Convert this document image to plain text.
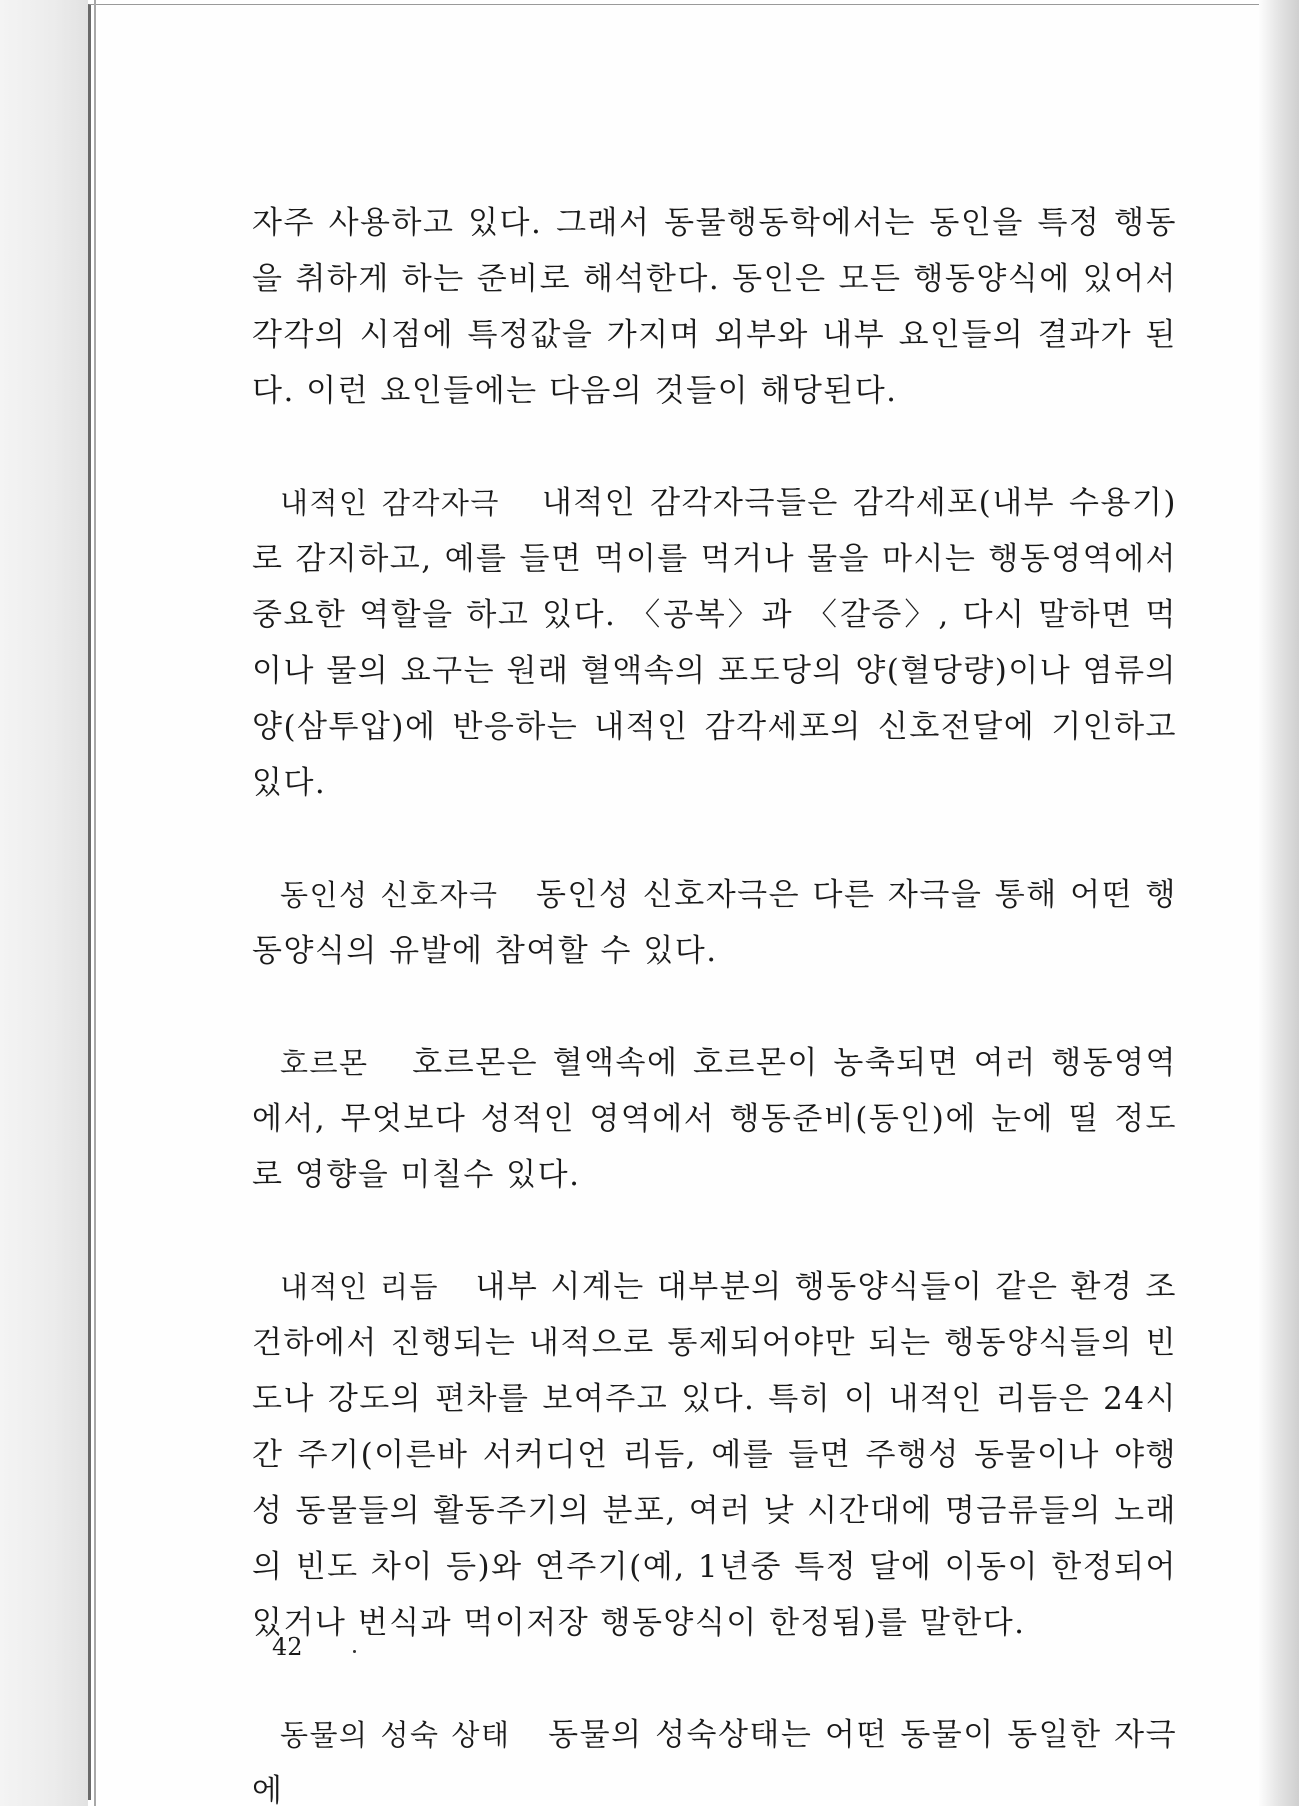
자주 사용하고 있다. 그래서 동물행동학에서는 동인을 특정 행동을 취하게 하는 준비로 해석한다. 동인은 모든 행동양식에 있어서 각각의 시점에 특정값을 가지며 외부와 내부 요인들의 결과가 된다. 이런 요인들에는 다음의 것들이 해당된다.

내적인 감각자극 내적인 감각자극들은 감각세포(내부 수용기)로 감지하고, 예를 들면 먹이를 먹거나 물을 마시는 행동영역에서 중요한 역할을 하고 있다. 〈공복〉과 〈갈증〉, 다시 말하면 먹이나 물의 요구는 원래 혈액속의 포도당의 양(혈당량)이나 염류의 양(삼투압)에 반응하는 내적인 감각세포의 신호전달에 기인하고 있다.

동인성 신호자극 동인성 신호자극은 다른 자극을 통해 어떤 행동양식의 유발에 참여할 수 있다.

호르몬 호르몬은 혈액속에 호르몬이 농축되면 여러 행동영역에서, 무엇보다 성적인 영역에서 행동준비(동인)에 눈에 띨 정도로 영향을 미칠수 있다.

내적인 리듬 내부 시계는 대부분의 행동양식들이 같은 환경 조건하에서 진행되는 내적으로 통제되어야만 되는 행동양식들의 빈도나 강도의 편차를 보여주고 있다. 특히 이 내적인 리듬은 24시간 주기(이른바 서커디언 리듬, 예를 들면 주행성 동물이나 야행성 동물들의 활동주기의 분포, 여러 낮 시간대에 명금류들의 노래의 빈도 차이 등)와 연주기(예, 1년중 특정 달에 이동이 한정되어 있거나 번식과 먹이저장 행동양식이 한정됨)를 말한다.

동물의 성숙 상태 동물의 성숙상태는 어떤 동물이 동일한 자극에

42
